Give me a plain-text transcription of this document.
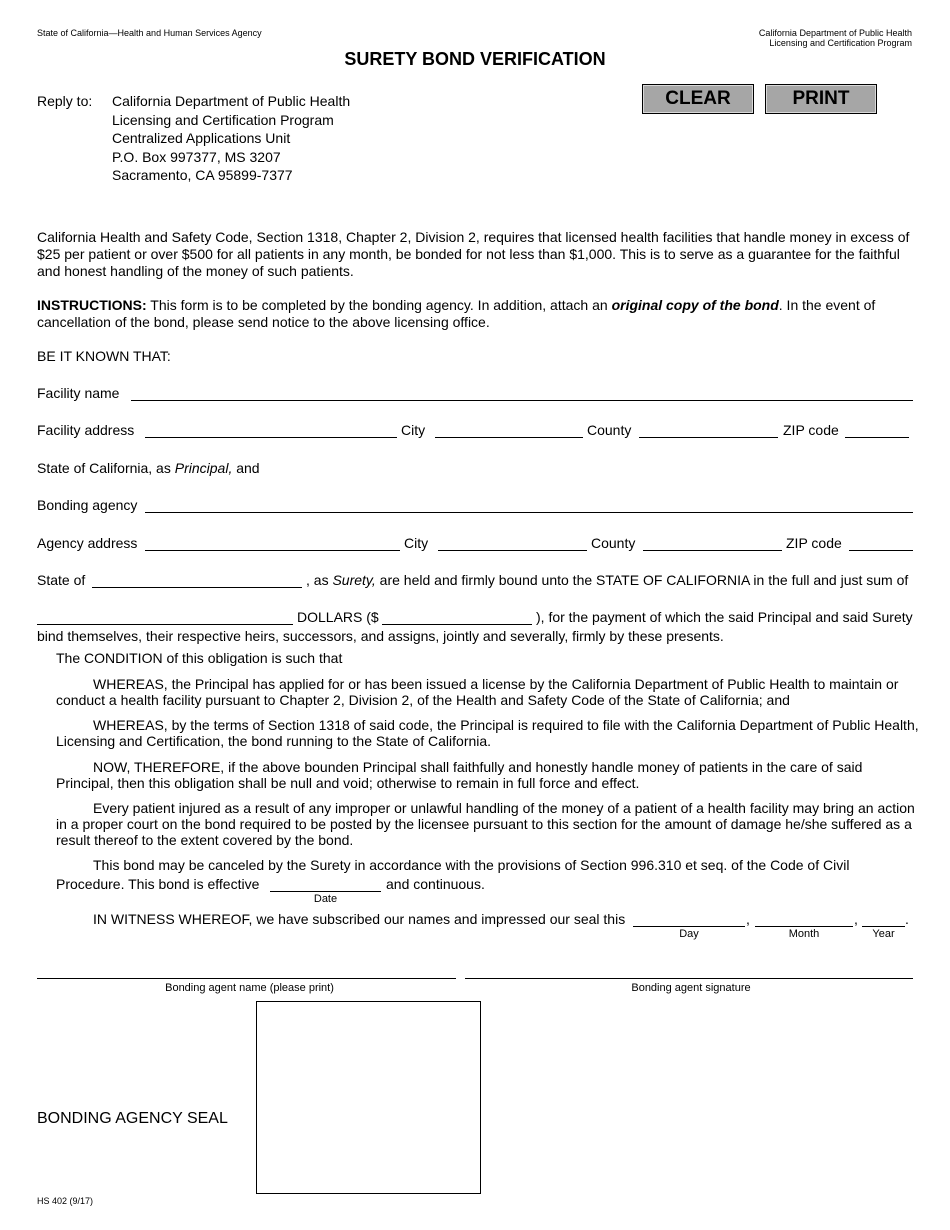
State of California—Health and Human Services Agency	California Department of Public Health
Licensing and Certification Program
SURETY BOND VERIFICATION
CLEAR	PRINT
Reply to: California Department of Public Health
Licensing and Certification Program
Centralized Applications Unit
P.O. Box 997377, MS 3207
Sacramento, CA 95899-7377
California Health and Safety Code, Section 1318, Chapter 2, Division 2, requires that licensed health facilities that handle money in excess of $25 per patient or over $500 for all patients in any month, be bonded for not less than $1,000. This is to serve as a guarantee for the faithful and honest handling of the money of such patients.
INSTRUCTIONS: This form is to be completed by the bonding agency. In addition, attach an original copy of the bond. In the event of cancellation of the bond, please send notice to the above licensing office.
BE IT KNOWN THAT:
Facility name
Facility address	City	County	ZIP code
State of California, as Principal, and
Bonding agency
Agency address	City	County	ZIP code
State of	, as Surety, are held and firmly bound unto the STATE OF CALIFORNIA in the full and just sum of
DOLLARS ($	), for the payment of which the said Principal and said Surety
bind themselves, their respective heirs, successors, and assigns, jointly and severally, firmly by these presents.
The CONDITION of this obligation is such that
WHEREAS, the Principal has applied for or has been issued a license by the California Department of Public Health to maintain or conduct a health facility pursuant to Chapter 2, Division 2, of the Health and Safety Code of the State of California; and
WHEREAS, by the terms of Section 1318 of said code, the Principal is required to file with the California Department of Public Health, Licensing and Certification, the bond running to the State of California.
NOW, THEREFORE, if the above bounden Principal shall faithfully and honestly handle money of patients in the care of said Principal, then this obligation shall be null and void; otherwise to remain in full force and effect.
Every patient injured as a result of any improper or unlawful handling of the money of a patient of a health facility may bring an action in a proper court on the bond required to be posted by the licensee pursuant to this section for the amount of damage he/she suffered as a result thereof to the extent covered by the bond.
This bond may be canceled by the Surety in accordance with the provisions of Section 996.310 et seq. of the Code of Civil
Procedure. This bond is effective	and continuous.
Date
IN WITNESS WHEREOF, we have subscribed our names and impressed our seal this	,	,	.
Day	Month	Year
Bonding agent name (please print)	Bonding agent signature
BONDING AGENCY SEAL
HS 402 (9/17)
